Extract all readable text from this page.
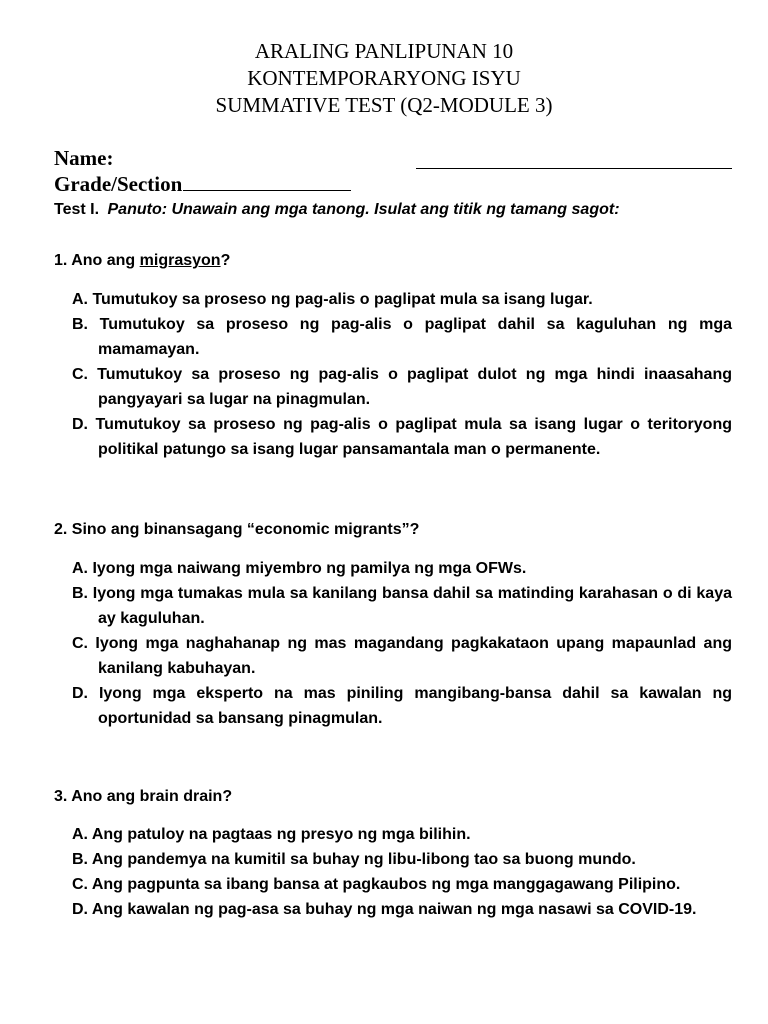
ARALING PANLIPUNAN 10
KONTEMPORARYONG ISYU
SUMMATIVE TEST (Q2-MODULE 3)
Name:
Grade/Section
Test I. Panuto: Unawain ang mga tanong. Isulat ang titik ng tamang sagot:
1. Ano ang migrasyon?
A. Tumutukoy sa proseso ng pag-alis o paglipat mula sa isang lugar.
B. Tumutukoy sa proseso ng pag-alis o paglipat dahil sa kaguluhan ng mga mamamayan.
C. Tumutukoy sa proseso ng pag-alis o paglipat dulot ng mga hindi inaasahang pangyayari sa lugar na pinagmulan.
D. Tumutukoy sa proseso ng pag-alis o paglipat mula sa isang lugar o teritoryong politikal patungo sa isang lugar pansamantala man o permanente.
2. Sino ang binansagang “economic migrants”?
A. Iyong mga naiwang miyembro ng pamilya ng mga OFWs.
B. Iyong mga tumakas mula sa kanilang bansa dahil sa matinding karahasan o di kaya ay kaguluhan.
C. Iyong mga naghahanap ng mas magandang pagkakataon upang mapaunlad ang kanilang kabuhayan.
D. Iyong mga eksperto na mas piniling mangibang-bansa dahil sa kawalan ng oportunidad sa bansang pinagmulan.
3. Ano ang brain drain?
A. Ang patuloy na pagtaas ng presyo ng mga bilihin.
B. Ang pandemya na kumitil sa buhay ng libu-libong tao sa buong mundo.
C. Ang pagpunta sa ibang bansa at pagkaubos ng mga manggagawang Pilipino.
D. Ang kawalan ng pag-asa sa buhay ng mga naiwan ng mga nasawi sa COVID-19.
